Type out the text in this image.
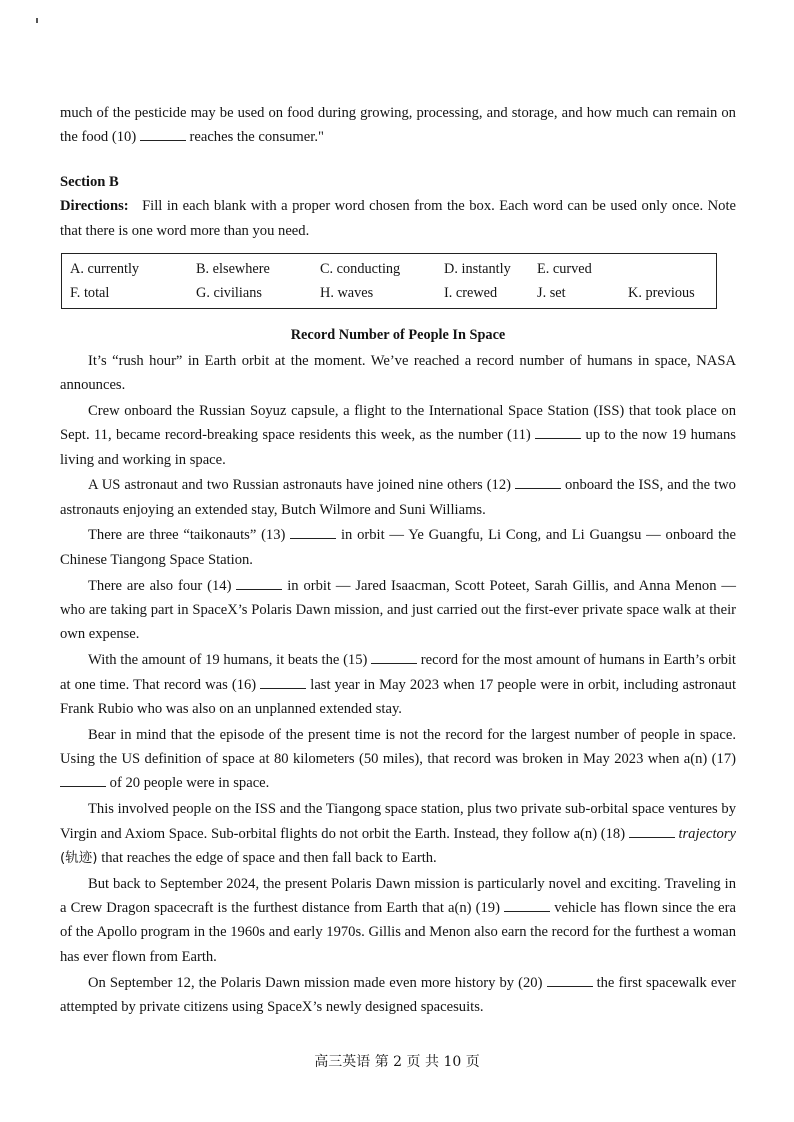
much of the pesticide may be used on food during growing, processing, and storage, and how much can remain on the food (10)	reaches the consumer."

Section B

Directions: Fill in each blank with a proper word chosen from the box. Each word can be used only once. Note that there is one word more than you need.

A. currently	B. elsewhere	C. conducting	D. instantly	E. curved
F. total	G. civilians	H. waves	I. crewed	J. set	K. previous

Record Number of People In Space

It’s “rush hour” in Earth orbit at the moment. We’ve reached a record number of humans in space, NASA announces.

Crew onboard the Russian Soyuz capsule, a flight to the International Space Station (ISS) that took place on Sept. 11, became record-breaking space residents this week, as the number (11)	up to the now 19 humans living and working in space.

A US astronaut and two Russian astronauts have joined nine others (12)	onboard the ISS, and the two astronauts enjoying an extended stay, Butch Wilmore and Suni Williams.

There are three “taikonauts” (13)	in orbit — Ye Guangfu, Li Cong, and Li Guangsu — onboard the Chinese Tiangong Space Station.

There are also four (14)	in orbit — Jared Isaacman, Scott Poteet, Sarah Gillis, and Anna Menon — who are taking part in SpaceX’s Polaris Dawn mission, and just carried out the first-ever private space walk at their own expense.

With the amount of 19 humans, it beats the (15)	record for the most amount of humans in Earth’s orbit at one time. That record was (16)	last year in May 2023 when 17 people were in orbit, including astronaut Frank Rubio who was also on an unplanned extended stay.

Bear in mind that the episode of the present time is not the record for the largest number of people in space. Using the US definition of space at 80 kilometers (50 miles), that record was broken in May 2023 when a(n) (17)  of 20 people were in space.

This involved people on the ISS and the Tiangong space station, plus two private sub-orbital space ventures by Virgin and Axiom Space. Sub-orbital flights do not orbit the Earth. Instead, they follow a(n) (18)	trajectory (轨迹) that reaches the edge of space and then fall back to Earth.

But back to September 2024, the present Polaris Dawn mission is particularly novel and exciting. Traveling in a Crew Dragon spacecraft is the furthest distance from Earth that a(n) (19)	vehicle has flown since the era of the Apollo program in the 1960s and early 1970s. Gillis and Menon also earn the record for the furthest a woman has ever flown from Earth.

On September 12, the Polaris Dawn mission made even more history by (20)	the first spacewalk ever attempted by private citizens using SpaceX’s newly designed spacesuits.

高三英语 第 2 页 共 10 页
